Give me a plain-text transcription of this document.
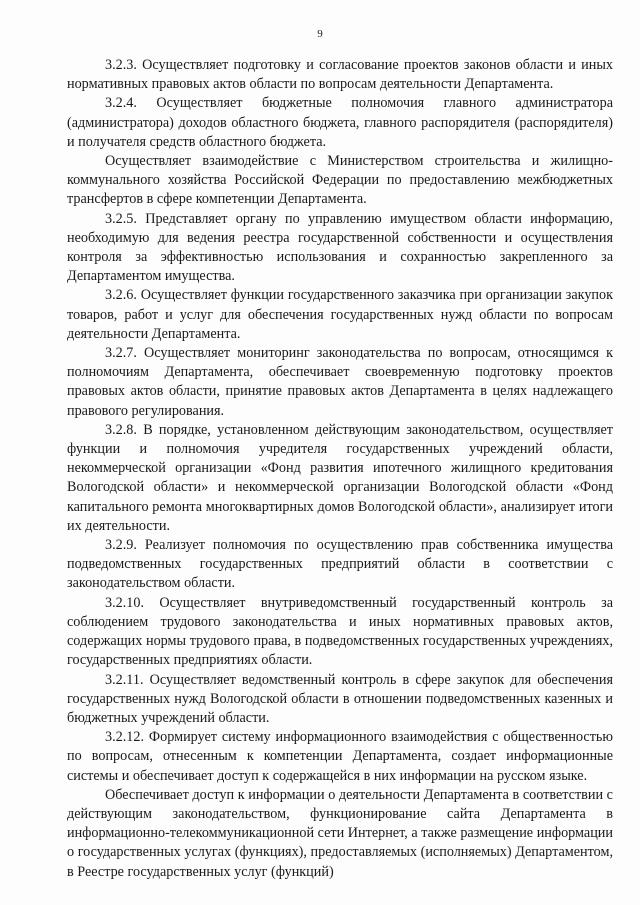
9

3.2.3. Осуществляет подготовку и согласование проектов законов области и иных нормативных правовых актов области по вопросам деятельности Департамента.

3.2.4. Осуществляет бюджетные полномочия главного администратора (администратора) доходов областного бюджета, главного распорядителя (распорядителя) и получателя средств областного бюджета.

Осуществляет взаимодействие с Министерством строительства и жилищно-коммунального хозяйства Российской Федерации по предоставлению межбюджетных трансфертов в сфере компетенции Департамента.

3.2.5. Представляет органу по управлению имуществом области информацию, необходимую для ведения реестра государственной собственности и осуществления контроля за эффективностью использования и сохранностью закрепленного за Департаментом имущества.

3.2.6. Осуществляет функции государственного заказчика при организации закупок товаров, работ и услуг для обеспечения государственных нужд области по вопросам деятельности Департамента.

3.2.7. Осуществляет мониторинг законодательства по вопросам, относящимся к полномочиям Департамента, обеспечивает своевременную подготовку проектов правовых актов области, принятие правовых актов Департамента в целях надлежащего правового регулирования.

3.2.8. В порядке, установленном действующим законодательством, осуществляет функции и полномочия учредителя государственных учреждений области, некоммерческой организации «Фонд развития ипотечного жилищного кредитования Вологодской области» и некоммерческой организации Вологодской области «Фонд капитального ремонта многоквартирных домов Вологодской области», анализирует итоги их деятельности.

3.2.9. Реализует полномочия по осуществлению прав собственника имущества подведомственных государственных предприятий области в соответствии с законодательством области.

3.2.10. Осуществляет внутриведомственный государственный контроль за соблюдением трудового законодательства и иных нормативных правовых актов, содержащих нормы трудового права, в подведомственных государственных учреждениях, государственных предприятиях области.

3.2.11. Осуществляет ведомственный контроль в сфере закупок для обеспечения государственных нужд Вологодской области в отношении подведомственных казенных и бюджетных учреждений области.

3.2.12. Формирует систему информационного взаимодействия с общественностью по вопросам, отнесенным к компетенции Департамента, создает информационные системы и обеспечивает доступ к содержащейся в них информации на русском языке.

Обеспечивает доступ к информации о деятельности Департамента в соответствии с действующим законодательством, функционирование сайта Департамента в информационно-телекоммуникационной сети Интернет, а также размещение информации о государственных услугах (функциях), предоставляемых (исполняемых) Департаментом, в Реестре государственных услуг (функций)
